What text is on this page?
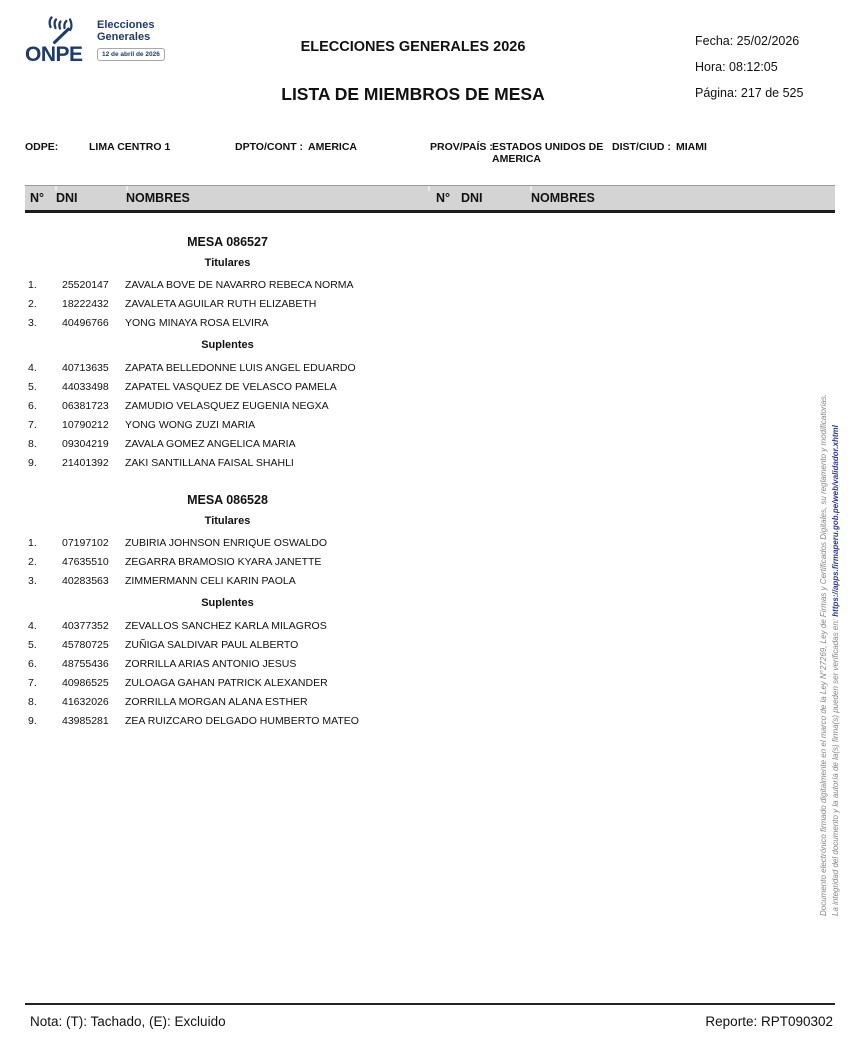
ONPE
Elecciones
Generales
12 de abril de 2026	ELECCIONES GENERALES 2026
LISTA DE MIEMBROS DE MESA
Fecha: 25/02/2026
Hora: 08:12:05
Página: 217 de 525
ODPE:	LIMA CENTRO 1	DPTO/CONT : AMERICA	PROV/PAÍS : ESTADOS UNIDOS DE AMERICA
DIST/CIUD : MIAMI
N° DNI	NOMBRES	N° DNI	NOMBRES
MESA 086527
Titulares
1. 25520147 ZAVALA BOVE DE NAVARRO REBECA NORMA
2. 18222432 ZAVALETA AGUILAR RUTH ELIZABETH
3. 40496766 YONG MINAYA ROSA ELVIRA
Suplentes
4. 40713635 ZAPATA BELLEDONNE LUIS ANGEL EDUARDO
5. 44033498 ZAPATEL VASQUEZ DE VELASCO PAMELA
6. 06381723 ZAMUDIO VELASQUEZ EUGENIA NEGXA
7. 10790212 YONG WONG ZUZI MARIA
8. 09304219 ZAVALA GOMEZ ANGELICA MARIA
9. 21401392 ZAKI SANTILLANA FAISAL SHAHLI
MESA 086528
Titulares
1. 07197102 ZUBIRIA JOHNSON ENRIQUE OSWALDO
2. 47635510 ZEGARRA BRAMOSIO KYARA JANETTE
3. 40283563 ZIMMERMANN CELI KARIN PAOLA
Suplentes
4. 40377352 ZEVALLOS SANCHEZ KARLA MILAGROS
5. 45780725 ZUÑIGA SALDIVAR PAUL ALBERTO
6. 48755436 ZORRILLA ARIAS ANTONIO JESUS
7. 40986525 ZULOAGA GAHAN PATRICK ALEXANDER
8. 41632026 ZORRILLA MORGAN ALANA ESTHER
9. 43985281 ZEA RUIZCARO DELGADO HUMBERTO MATEO	Documento electrónico firmado digitalmente en el marco de la Ley N°27269, Ley de Firmas y Certificados Digitales, su reglamento y modificatorias. La integridad del documento y la autoría de la(s) firma(s) pueden ser verificadas en: https://apps.firmaperu.gob.pe/web/validador.xhtml
Nota: (T): Tachado, (E): Excluido	Reporte: RPT090302
